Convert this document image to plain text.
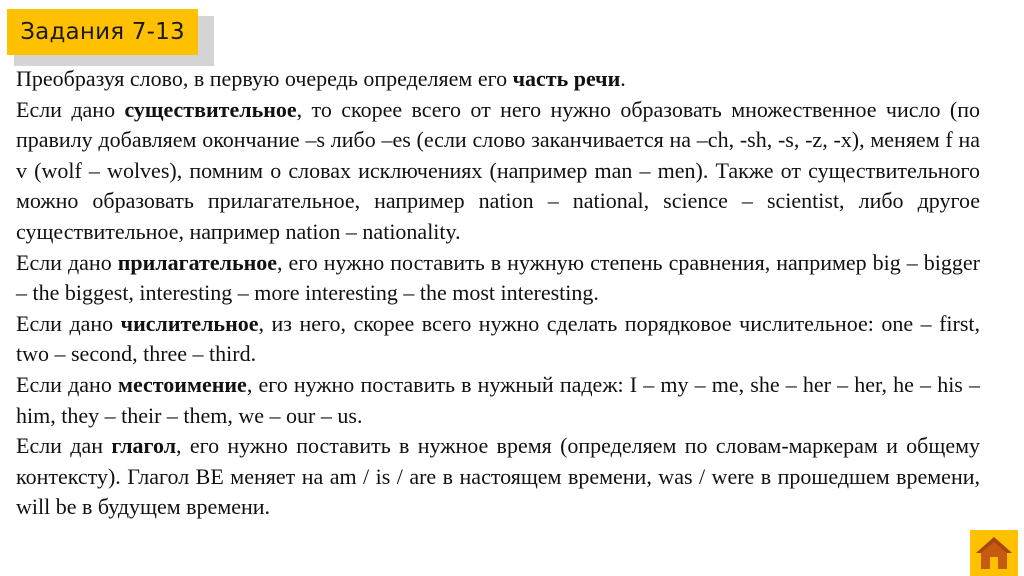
Задания 7-13

Преобразуя слово, в первую очередь определяем его часть речи.

Если дано существительное, то скорее всего от него нужно образовать множественное число (по правилу добавляем окончание –s либо –es (если слово заканчивается на –ch, -sh, -s, -z, -x), меняем f на v (wolf – wolves), помним о словах исключениях (например man – men). Также от существительного можно образовать прилагательное, например nation – national, science – scientist, либо другое существительное, например nation – nationality.

Если дано прилагательное, его нужно поставить в нужную степень сравнения, например big – bigger – the biggest, interesting – more interesting – the most interesting.

Если дано числительное, из него, скорее всего нужно сделать порядковое числительное: one – first, two – second, three – third.

Если дано местоимение, его нужно поставить в нужный падеж: I – my – me, she – her – her, he – his – him, they – their – them, we – our – us.

Если дан глагол, его нужно поставить в нужное время (определяем по словам-маркерам и общему контексту). Глагол BE меняет на am / is / are в настоящем времени, was / were в прошедшем времени, will be в будущем времени.
